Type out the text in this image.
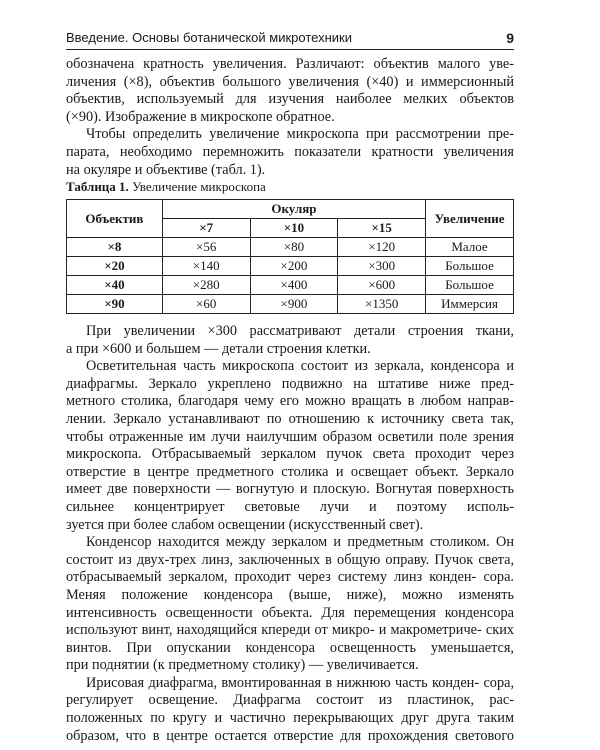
Введение. Основы ботанической микротехники	9

обозначена кратность увеличения. Различают: объектив малого уве- личения (×8), объектив большого увеличения (×40) и иммерсионный объектив, используемый для изучения наиболее мелких объектов

(×90). Изображение в микроскопе обратное.

Чтобы определить увеличение микроскопа при рассмотрении пре- парата, необходимо перемножить показатели кратности увеличения

на окуляре и объективе (табл. 1).

Таблица 1. Увеличение микроскопа
Объектив	Окуляр			Увеличение
	×7	×10	×15	
×8	×56	×80	×120	Малое
×20	×140	×200	×300	Большое
×40	×280	×400	×600	Большое
×90	×60	×900	×1350	Иммерсия

При увеличении ×300 рассматривают детали строения ткани,

а при ×600 и большем — детали строения клетки.

Осветительная часть микроскопа состоит из зеркала, конденсора и диафрагмы. Зеркало укреплено подвижно на штативе ниже пред- метного столика, благодаря чему его можно вращать в любом направ- лении. Зеркало устанавливают по отношению к источнику света так, чтобы отраженные им лучи наилучшим образом осветили поле зрения микроскопа. Отбрасываемый зеркалом пучок света проходит через отверстие в центре предметного столика и освещает объект. Зеркало имеет две поверхности — вогнутую и плоскую. Вогнутая поверхность сильнее концентрирует световые лучи и поэтому исполь-

зуется при более слабом освещении (искусственный свет).

Конденсор находится между зеркалом и предметным столиком. Он состоит из двух-трех линз, заключенных в общую оправу. Пучок света, отбрасываемый зеркалом, проходит через систему линз конден- сора. Меняя положение конденсора (выше, ниже), можно изменять интенсивность освещенности объекта. Для перемещения конденсора используют винт, находящийся кпереди от микро- и макрометриче- ских винтов. При опускании конденсора освещенность уменьшается,

при поднятии (к предметному столику) — увеличивается.

Ирисовая диафрагма, вмонтированная в нижнюю часть конден- сора, регулирует освещение. Диафрагма состоит из пластинок, рас- положенных по кругу и частично перекрывающих друг друга таким образом, что в центре остается отверстие для прохождения светового
